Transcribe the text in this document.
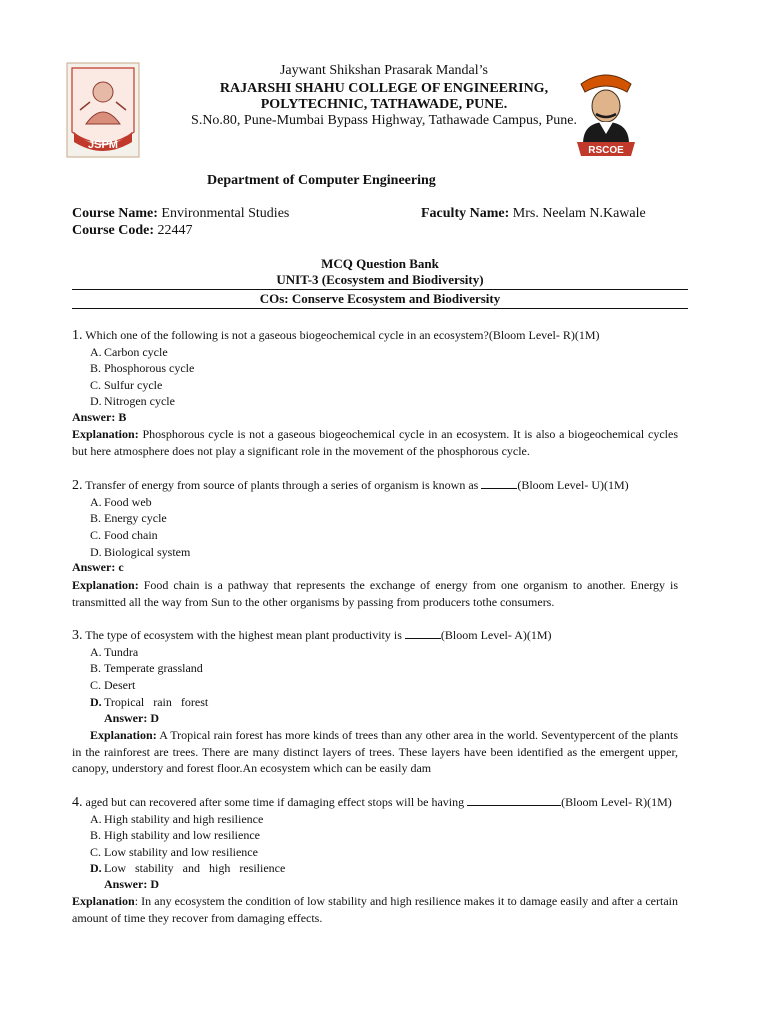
JSPM	RSCOE
Jaywant Shikshan Prasarak Mandal’s
RAJARSHI SHAHU COLLEGE OF ENGINEERING,
POLYTECHNIC, TATHAWADE, PUNE.
S.No.80, Pune-Mumbai Bypass Highway, Tathawade Campus, Pune.
Department of Computer Engineering
Course Name: Environmental Studies
Course Code: 22447
Faculty Name: Mrs. Neelam N.Kawale
MCQ Question Bank
UNIT-3 (Ecosystem and Biodiversity)
COs: Conserve Ecosystem and Biodiversity
1. Which one of the following is not a gaseous biogeochemical cycle in an ecosystem?(Bloom Level- R)(1M)
A. Carbon cycle
B. Phosphorous cycle
C. Sulfur cycle
D. Nitrogen cycle
Answer: B
Explanation: Phosphorous cycle is not a gaseous biogeochemical cycle in an ecosystem. It is also a biogeochemical cycles but here atmosphere does not play a significant role in the movement of the phosphorous cycle.
2. Transfer of energy from source of plants through a series of organism is known as	(Bloom Level- U)(1M)
A. Food web
B. Energy cycle
C. Food chain
D. Biological system
Answer: c
Explanation: Food chain is a pathway that represents the exchange of energy from one organism to another. Energy is transmitted all the way from Sun to the other organisms by passing from producers tothe consumers.
3. The type of ecosystem with the highest mean plant productivity is	(Bloom Level- A)(1M)
A. Tundra
B. Temperate grassland
C. Desert
D. Tropical   rain   forest
Answer: D
Explanation: A Tropical rain forest has more kinds of trees than any other area in the world. Seventypercent of the plants in the rainforest are trees. There are many distinct layers of trees. These layers have been identified as the emergent upper, canopy, understory and forest floor.An ecosystem which can be easily dam
4. aged but can recovered after some time if damaging effect stops will be having	(Bloom Level- R)(1M)
A. High stability and high resilience
B. High stability and low resilience
C. Low stability and low resilience
D. Low   stability   and   high   resilience
Answer: D
Explanation: In any ecosystem the condition of low stability and high resilience makes it to damage easily and after a certain amount of time they recover from damaging effects.
